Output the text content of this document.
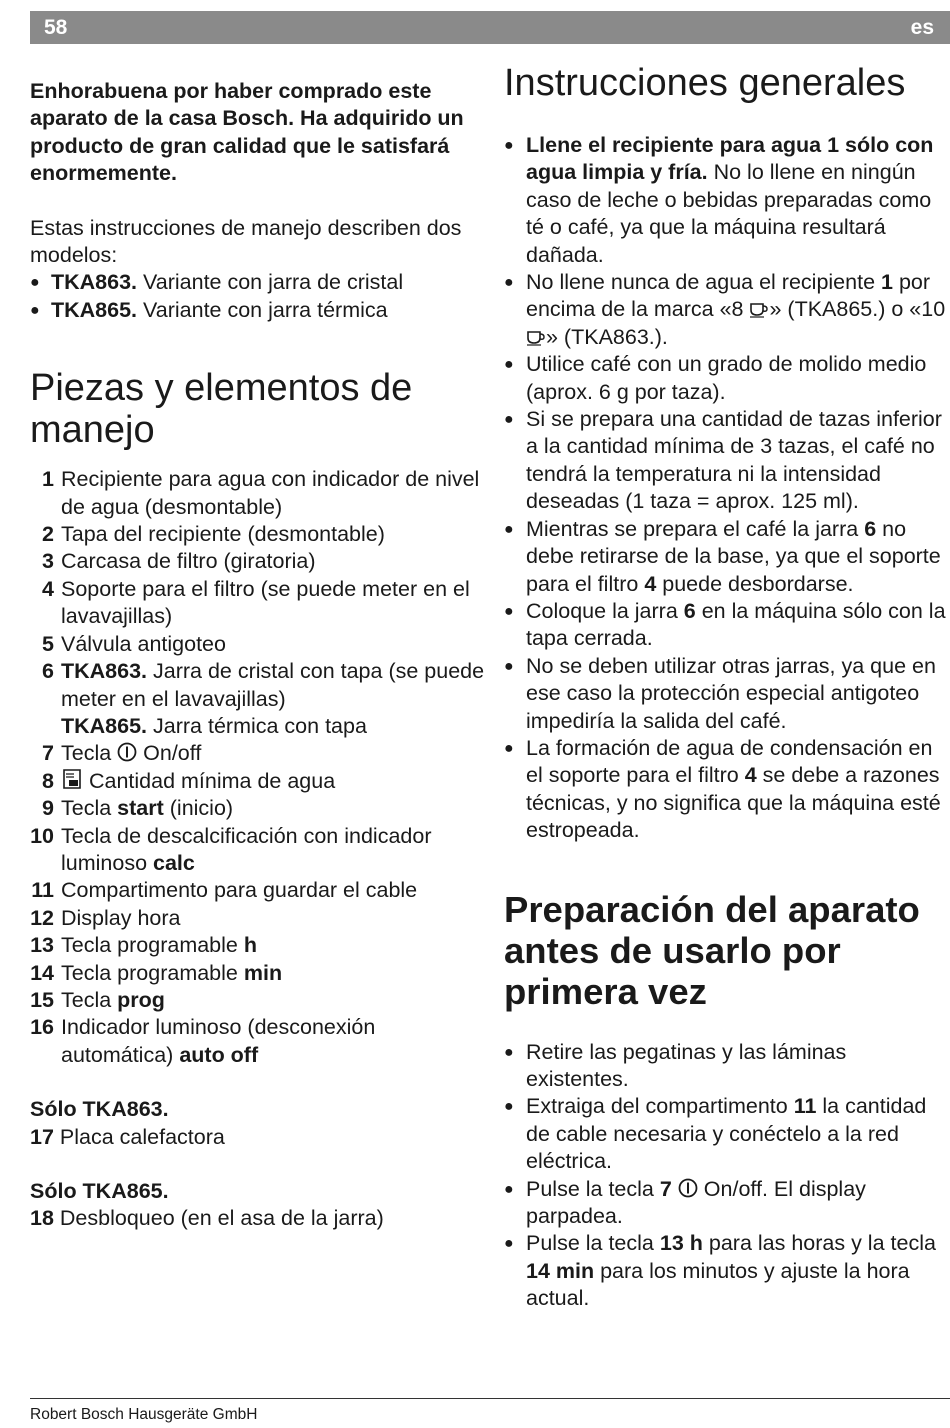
58	es

Enhorabuena por haber comprado este aparato de la casa Bosch. Ha adquirido un producto de gran calidad que le satisfará enormemente.

Estas instrucciones de manejo describen dos modelos:

● TKA863. Variante con jarra de cristal
● TKA865. Variante con jarra térmica
Piezas y elementos de manejo
1 Recipiente para agua con indicador de nivel de agua (desmontable)
2 Tapa del recipiente (desmontable)
3 Carcasa de filtro (giratoria)
4 Soporte para el filtro (se puede meter en el lavavajillas)
5 Válvula antigoteo
6 TKA863. Jarra de cristal con tapa (se puede meter en el lavavajillas)
TKA865. Jarra térmica con tapa
7 Tecla  On/off
8 Cantidad mínima de agua
9 Tecla start (inicio)
10 Tecla de descalcificación con indicador luminoso calc
11 Compartimento para guardar el cable
12 Display hora
13 Tecla programable h
14 Tecla programable min
15 Tecla prog
16 Indicador luminoso (desconexión automática) auto off

Sólo TKA863.

17 Placa calefactora

Sólo TKA865.

18 Desbloqueo (en el asa de la jarra)

Instrucciones generales
● Llene el recipiente para agua 1 sólo con agua limpia y fría. No lo llene en ningún caso de leche o bebidas preparadas como té o café, ya que la máquina resultará dañada.
● No llene nunca de agua el recipiente 1 por encima de la marca «8 » (TKA865.) o «10 » (TKA863.).
● Utilice café con un grado de molido medio (aprox. 6 g por taza).
● Si se prepara una cantidad de tazas inferior a la cantidad mínima de 3 tazas, el café no tendrá la temperatura ni la intensidad deseadas (1 taza = aprox. 125 ml).
● Mientras se prepara el café la jarra 6 no debe retirarse de la base, ya que el soporte para el filtro 4 puede desbordarse.
● Coloque la jarra 6 en la máquina sólo con la tapa cerrada.
● No se deben utilizar otras jarras, ya que en ese caso la protección especial antigoteo impediría la salida del café.
● La formación de agua de condensación en el soporte para el filtro 4 se debe a razones técnicas, y no significa que la máquina esté estropeada.
Preparación del aparato antes de usarlo por primera vez
● Retire las pegatinas y las láminas existentes.
● Extraiga del compartimento 11 la cantidad de cable necesaria y conéctelo a la red eléctrica.
● Pulse la tecla 7  On/off. El display parpadea.
● Pulse la tecla 13 h para las horas y la tecla 14 min para los minutos y ajuste la hora actual.
Robert Bosch Hausgeräte GmbH
